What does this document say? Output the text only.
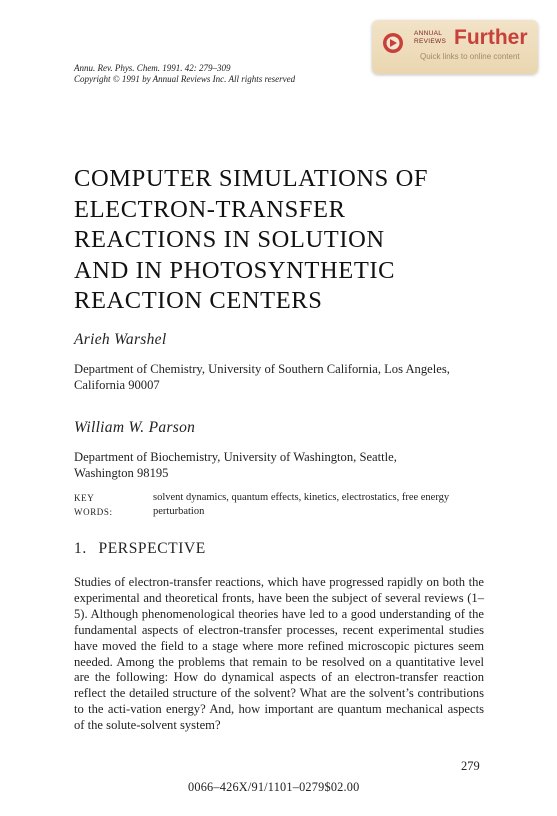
ANNUAL
REVIEWS Further
Quick links to online content
Annu. Rev. Phys. Chem. 1991. 42: 279–309
Copyright © 1991 by Annual Reviews Inc. All rights reserved
COMPUTER SIMULATIONS OF
ELECTRON-TRANSFER
REACTIONS IN SOLUTION
AND IN PHOTOSYNTHETIC
REACTION CENTERS
Arieh Warshel
Department of Chemistry, University of Southern California, Los Angeles,
California 90007
William W. Parson
Department of Biochemistry, University of Washington, Seattle,
Washington 98195
KEY WORDS:
solvent dynamics, quantum effects, kinetics, electrostatics, free energy perturbation
1. PERSPECTIVE

Studies of electron-transfer reactions, which have progressed rapidly on both the experimental and theoretical fronts, have been the subject of several reviews (1–5). Although phenomenological theories have led to a good understanding of the fundamental aspects of electron-transfer processes, recent experimental studies have moved the field to a stage where more refined microscopic pictures seem needed. Among the problems that remain to be resolved on a quantitative level are the following: How do dynamical aspects of an electron-transfer reaction reflect the detailed structure of the solvent? What are the solvent’s contributions to the acti-vation energy? And, how important are quantum mechanical aspects of the solute-solvent system?

279
0066–426X/91/1101–0279$02.00
